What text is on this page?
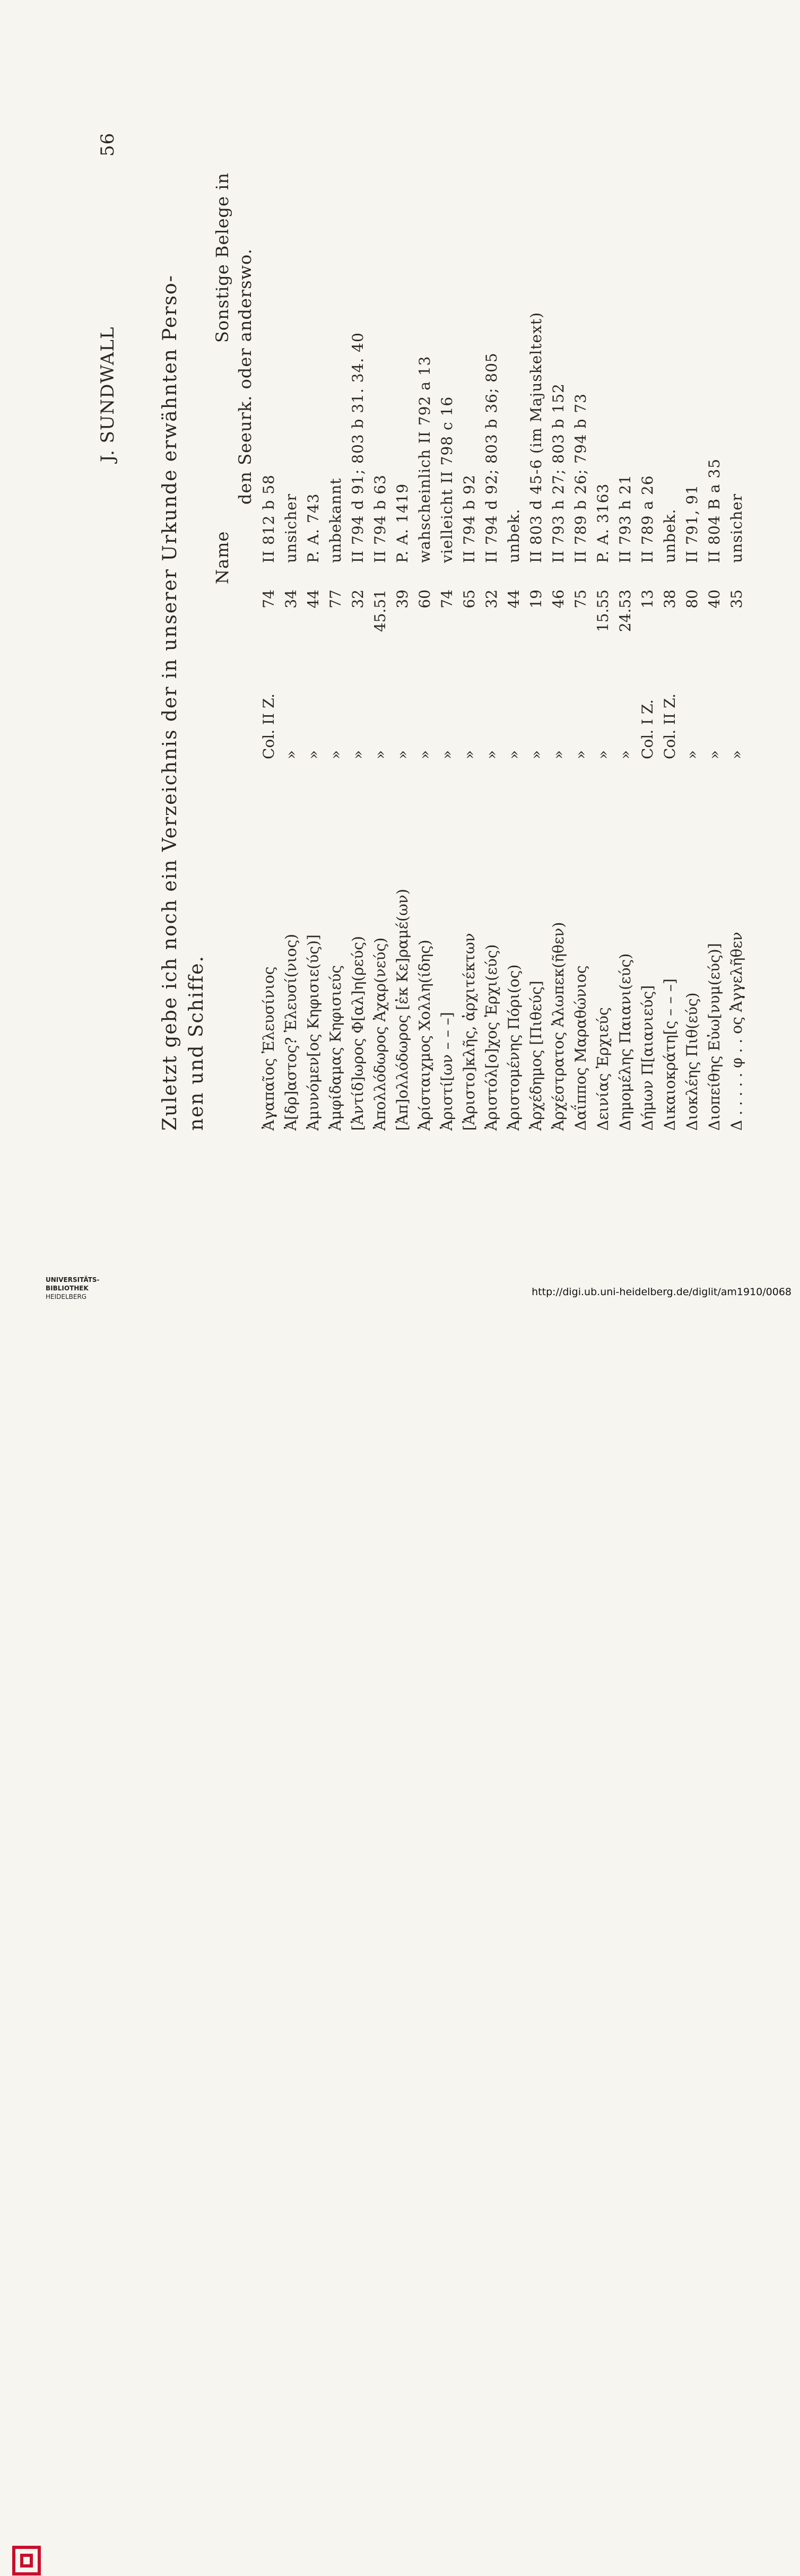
56
J. SUNDWALL Zuletzt gebe ich noch ein Verzeichnis der in unserer Urkunde erwähnten Perso- nen und Schiffe.
Name
Sonstige Belege in den Seeurk. oder anderswo.
Ἀγαπαῖος Ἐλευσίνιος
Col. II Z.
74
II 812 b 58
Ἀ[δρ]αστος? Ἐλευσί(νιος)
»
34
unsicher
Ἀμυνόμεν[ος Κηφισιε(ύς)]
»
44
P. A. 743
Ἀμφίδαμας Κηφισιεύς
»
77
unbekannt
[Ἀντίδ]ωρος Φ[αλ]η(ρεύς)
»
32
II 794 d 91; 803 b 31. 34. 40
Ἀπολλόδωρος Ἀχαρ(νεύς)
»
45.51
II 794 b 63
[Ἀπ]ολλόδωρος [ἐκ Κε]ραμέ(ων)
»
39
P. A. 1419
Ἀρίσταιχμος Χολλη(ίδης)
»
60
wahscheinlich II 792 a 13
Ἀριστί[ων – – –]
»
74
vielleicht II 798 c 16
[Ἀριστο]κλῆς, ἀρχιτέκτων
»
65
II 794 b 92
Ἀριστόλ[ο]χος Ἐρχι(εύς)
»
32
II 794 d 92; 803 b 36; 805
Ἀριστομένης Πόρι(ος)
»
44
unbek.
Ἀρχέδημος [Πιθεύς]
»
19
II 803 d 45-6 (im Majuskeltext)
Ἀρχέστρατος Ἀλωπεκ(ῆθεν)
»
46
II 793 h 27; 803 b 152
Δαΐππος Μαραθώνιος
»
75
II 789 b 26; 794 b 73
Δεινίας Ἐρχιεύς
»
15.55
P. A. 3163
Δημομέλης Παιανι(εύς)
»
24.53
II 793 h 21
Δήμων Π[αιανιεύς]
Col. I Z.
13
II 789 a 26
Δικαιοκράτη[ς – – –]
Col. II Z.
38
unbek.
Διοκλέης Πιθ(εύς)
»
80
II 791, 91
Διοπείθης Εὐω[νυμ(εύς)]
»
40
II 804 B a 35
Δ . . . . . φ . . ος Ἀγγελῆθεν
»
35
unsicher
UNIVERSITÄTS-
BIBLIOTHEK
HEIDELBERG	http://digi.ub.uni-heidelberg.de/diglit/am1910/0068
